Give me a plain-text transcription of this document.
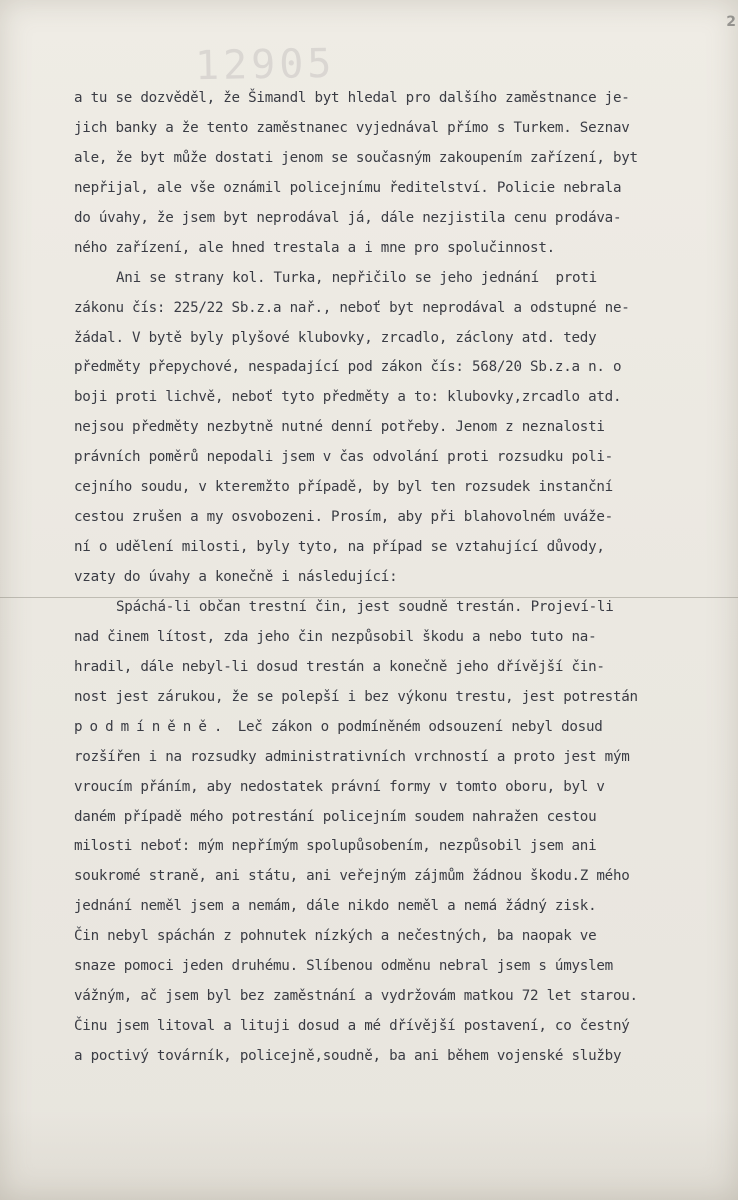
12905
2
a tu se dozvěděl, že Šimandl byt hledal pro dalšího zaměstnance je-
jich banky a že tento zaměstnanec vyjednával přímo s Turkem. Seznav
ale, že byt může dostati jenom se současným zakoupením zařízení, byt
nepřijal, ale vše oznámil policejnímu ředitelství. Policie nebrala
do úvahy, že jsem byt neprodával já, dále nezjistila cenu prodáva-
ného zařízení, ale hned trestala a i mne pro spoluči​nnost.
Ani se strany kol. Turka, nepřičilo se jeho jednání  proti
zákonu čís: 225/22 Sb.z.a nař., neboť byt neprodával a odstupné ne-
žádal. V bytě byly plyšové klubovky, zrcadlo, záclony atd. tedy
předměty přepychové, nespadající pod zákon čís: 568/20 Sb.z.a n. o
boji proti lichvě, neboť tyto předměty a to: klubovky,zrcadlo atd.
nejsou předměty nezbytně nutné denní potřeby. Jenom z neznalosti
právních poměrů nepodali jsem v čas odvolání proti rozsudku poli-
cejního soudu, v kteremžto případě, by byl ten rozsudek instanční
cestou zrušen a my osvobozeni. Prosím, aby při blahovolném uváže-
ní o udělení milosti, byly tyto, na případ se vztahující důvody,
vzaty do úvahy a konečně i následující:
Spáchá-li občan trestní čin, jest soudně trestán. Projeví-li
nad činem lítost, zda jeho čin nezpůsobil škodu a nebo tuto na-
hradil, dále nebyl-li dosud trestán a konečně jeho dřívější čin-
nost jest zárukou, že se polepší i bez výkonu trestu, jest potrestán
podmíněně. Leč zákon o podmíněném odsouzení nebyl dosud
rozšířen i na rozsudky administrativních vrchností a proto jest mým
vroucím přáním, aby nedostatek právní formy v tomto oboru, byl v
daném případě mého potrestání policejním soudem nahražen cestou
milosti neboť: mým nepřímým spolupůsobením, nezpůsobil jsem ani
soukromé straně, ani státu, ani veřejným zájmům žádnou škodu.Z mého
jednání neměl jsem a nemám, dále nikdo neměl a nemá žádný zisk.
Čin nebyl spáchán z pohnutek nízkých a nečestných, ba naopak ve
snaze pomoci jeden druhému. Slíbenou odměnu nebral jsem s úmyslem
vážným, ač jsem byl bez zaměstnání a vydržovám matkou 72 let starou.
Činu jsem litoval a lituji dosud a mé dřívější postavení, co čestný
a poctivý továrník, policejně,soudně, ba ani během vojenské služby
